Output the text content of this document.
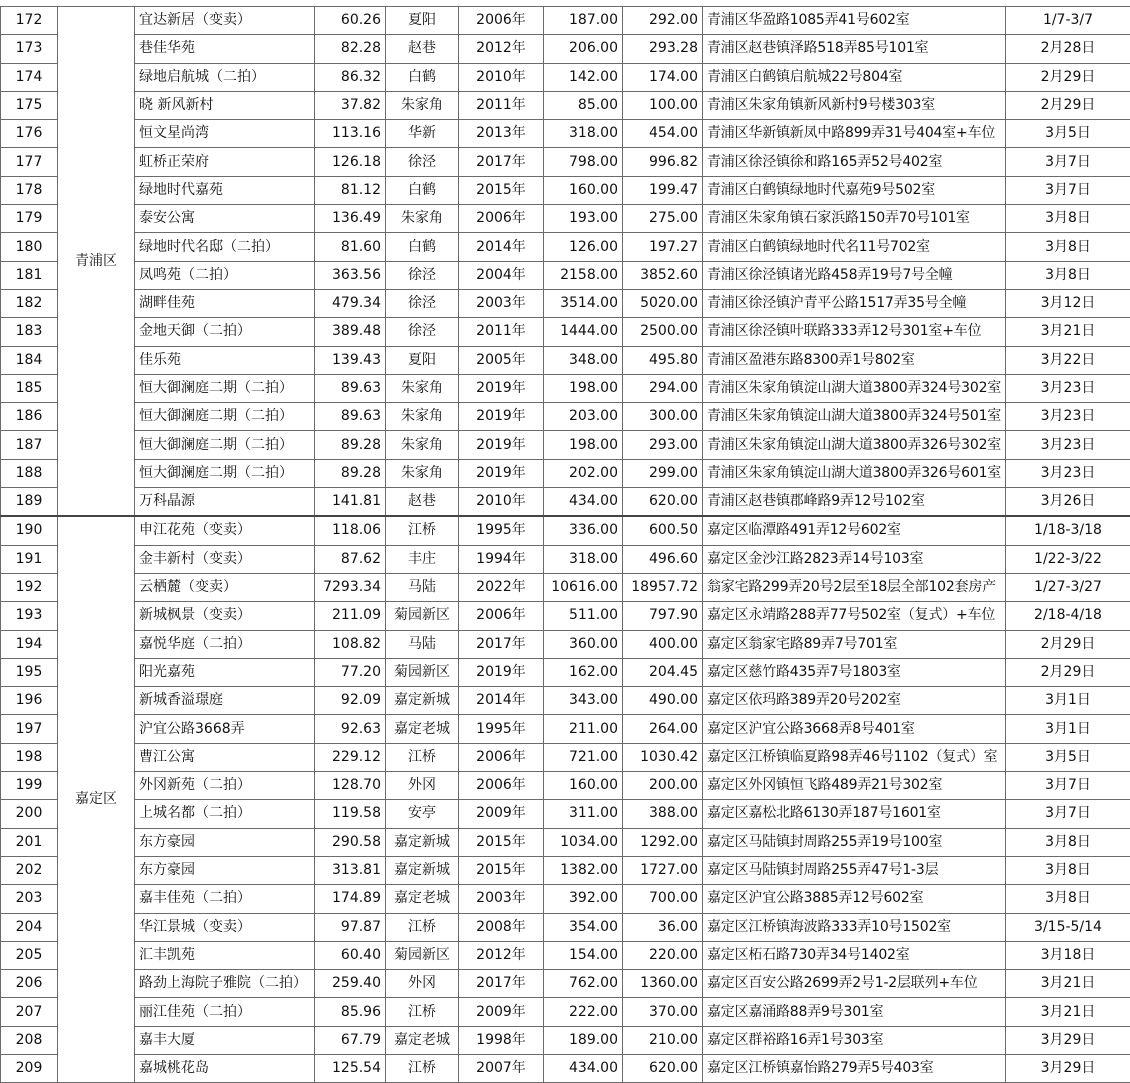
172	青浦区	宜达新居（变卖）	60.26	夏阳	2006年	187.00	292.00	青浦区华盈路1085弄41号602室	1/7-3/7
173		巷佳华苑	82.28	赵巷	2012年	206.00	293.28	青浦区赵巷镇泽路518弄85号101室	2月28日
174		绿地启航城（二拍）	86.32	白鹤	2010年	142.00	174.00	青浦区白鹤镇启航城22号804室	2月29日
175		晓 新风新村	37.82	朱家角	2011年	85.00	100.00	青浦区朱家角镇新风新村9号楼303室	2月29日
176		恒文星尚湾	113.16	华新	2013年	318.00	454.00	青浦区华新镇新凤中路899弄31号404室+车位	3月5日
177		虹桥正荣府	126.18	徐泾	2017年	798.00	996.82	青浦区徐泾镇徐和路165弄52号402室	3月7日
178		绿地时代嘉苑	81.12	白鹤	2015年	160.00	199.47	青浦区白鹤镇绿地时代嘉苑9号502室	3月7日
179		泰安公寓	136.49	朱家角	2006年	193.00	275.00	青浦区朱家角镇石家浜路150弄70号101室	3月8日
180		绿地时代名邸（二拍）	81.60	白鹤	2014年	126.00	197.27	青浦区白鹤镇绿地时代名11号702室	3月8日
181		凤鸣苑（二拍）	363.56	徐泾	2004年	2158.00	3852.60	青浦区徐泾镇诸光路458弄19号7号全幢	3月8日
182		湖畔佳苑	479.34	徐泾	2003年	3514.00	5020.00	青浦区徐泾镇沪青平公路1517弄35号全幢	3月12日
183		金地天御（二拍）	389.48	徐泾	2011年	1444.00	2500.00	青浦区徐泾镇叶联路333弄12号301室+车位	3月21日
184		佳乐苑	139.43	夏阳	2005年	348.00	495.80	青浦区盈港东路8300弄1号802室	3月22日
185		恒大御澜庭二期（二拍）	89.63	朱家角	2019年	198.00	294.00	青浦区朱家角镇淀山湖大道3800弄324号302室	3月23日
186		恒大御澜庭二期（二拍）	89.63	朱家角	2019年	203.00	300.00	青浦区朱家角镇淀山湖大道3800弄324号501室	3月23日
187		恒大御澜庭二期（二拍）	89.28	朱家角	2019年	198.00	293.00	青浦区朱家角镇淀山湖大道3800弄326号302室	3月23日
188		恒大御澜庭二期（二拍）	89.28	朱家角	2019年	202.00	299.00	青浦区朱家角镇淀山湖大道3800弄326号601室	3月23日
189		万科晶源	141.81	赵巷	2010年	434.00	620.00	青浦区赵巷镇郡峰路9弄12号102室	3月26日
190	嘉定区	申江花苑（变卖）	118.06	江桥	1995年	336.00	600.50	嘉定区临潭路491弄12号602室	1/18-3/18
191		金丰新村（变卖）	87.62	丰庄	1994年	318.00	496.60	嘉定区金沙江路2823弄14号103室	1/22-3/22
192		云栖麓（变卖）	7293.34	马陆	2022年	10616.00	18957.72	翁家宅路299弄20号2层至18层全部102套房产	1/27-3/27
193		新城枫景（变卖）	211.09	菊园新区	2006年	511.00	797.90	嘉定区永靖路288弄77号502室（复式）+车位	2/18-4/18
194		嘉悦华庭（二拍）	108.82	马陆	2017年	360.00	400.00	嘉定区翁家宅路89弄7号701室	2月29日
195		阳光嘉苑	77.20	菊园新区	2019年	162.00	204.45	嘉定区慈竹路435弄7号1803室	2月29日
196		新城香溢璟庭	92.09	嘉定新城	2014年	343.00	490.00	嘉定区依玛路389弄20号202室	3月1日
197		沪宜公路3668弄	92.63	嘉定老城	1995年	211.00	264.00	嘉定区沪宜公路3668弄8号401室	3月1日
198		曹江公寓	229.12	江桥	2006年	721.00	1030.42	嘉定区江桥镇临夏路98弄46号1102（复式）室	3月5日
199		外冈新苑（二拍）	128.70	外冈	2006年	160.00	200.00	嘉定区外冈镇恒飞路489弄21号302室	3月7日
200		上城名都（二拍）	119.58	安亭	2009年	311.00	388.00	嘉定区嘉松北路6130弄187号1601室	3月7日
201		东方豪园	290.58	嘉定新城	2015年	1034.00	1292.00	嘉定区马陆镇封周路255弄19号100室	3月8日
202		东方豪园	313.81	嘉定新城	2015年	1382.00	1727.00	嘉定区马陆镇封周路255弄47号1-3层	3月8日
203		嘉丰佳苑（二拍）	174.89	嘉定老城	2003年	392.00	700.00	嘉定区沪宜公路3885弄12号602室	3月8日
204		华江景城（变卖）	97.87	江桥	2008年	354.00	36.00	嘉定区江桥镇海波路333弄10号1502室	3/15-5/14
205		汇丰凯苑	60.40	菊园新区	2012年	154.00	220.00	嘉定区柘石路730弄34号1402室	3月18日
206		路劲上海院子雅院（二拍）	259.40	外冈	2017年	762.00	1360.00	嘉定区百安公路2699弄2号1-2层联列+车位	3月21日
207		丽江佳苑（二拍）	85.96	江桥	2009年	222.00	370.00	嘉定区嘉涌路88弄9号301室	3月21日
208		嘉丰大厦	67.79	嘉定老城	1998年	189.00	210.00	嘉定区群裕路16弄1号303室	3月29日
209		嘉城桃花岛	125.54	江桥	2007年	434.00	620.00	嘉定区江桥镇嘉怡路279弄5号403室	3月29日
